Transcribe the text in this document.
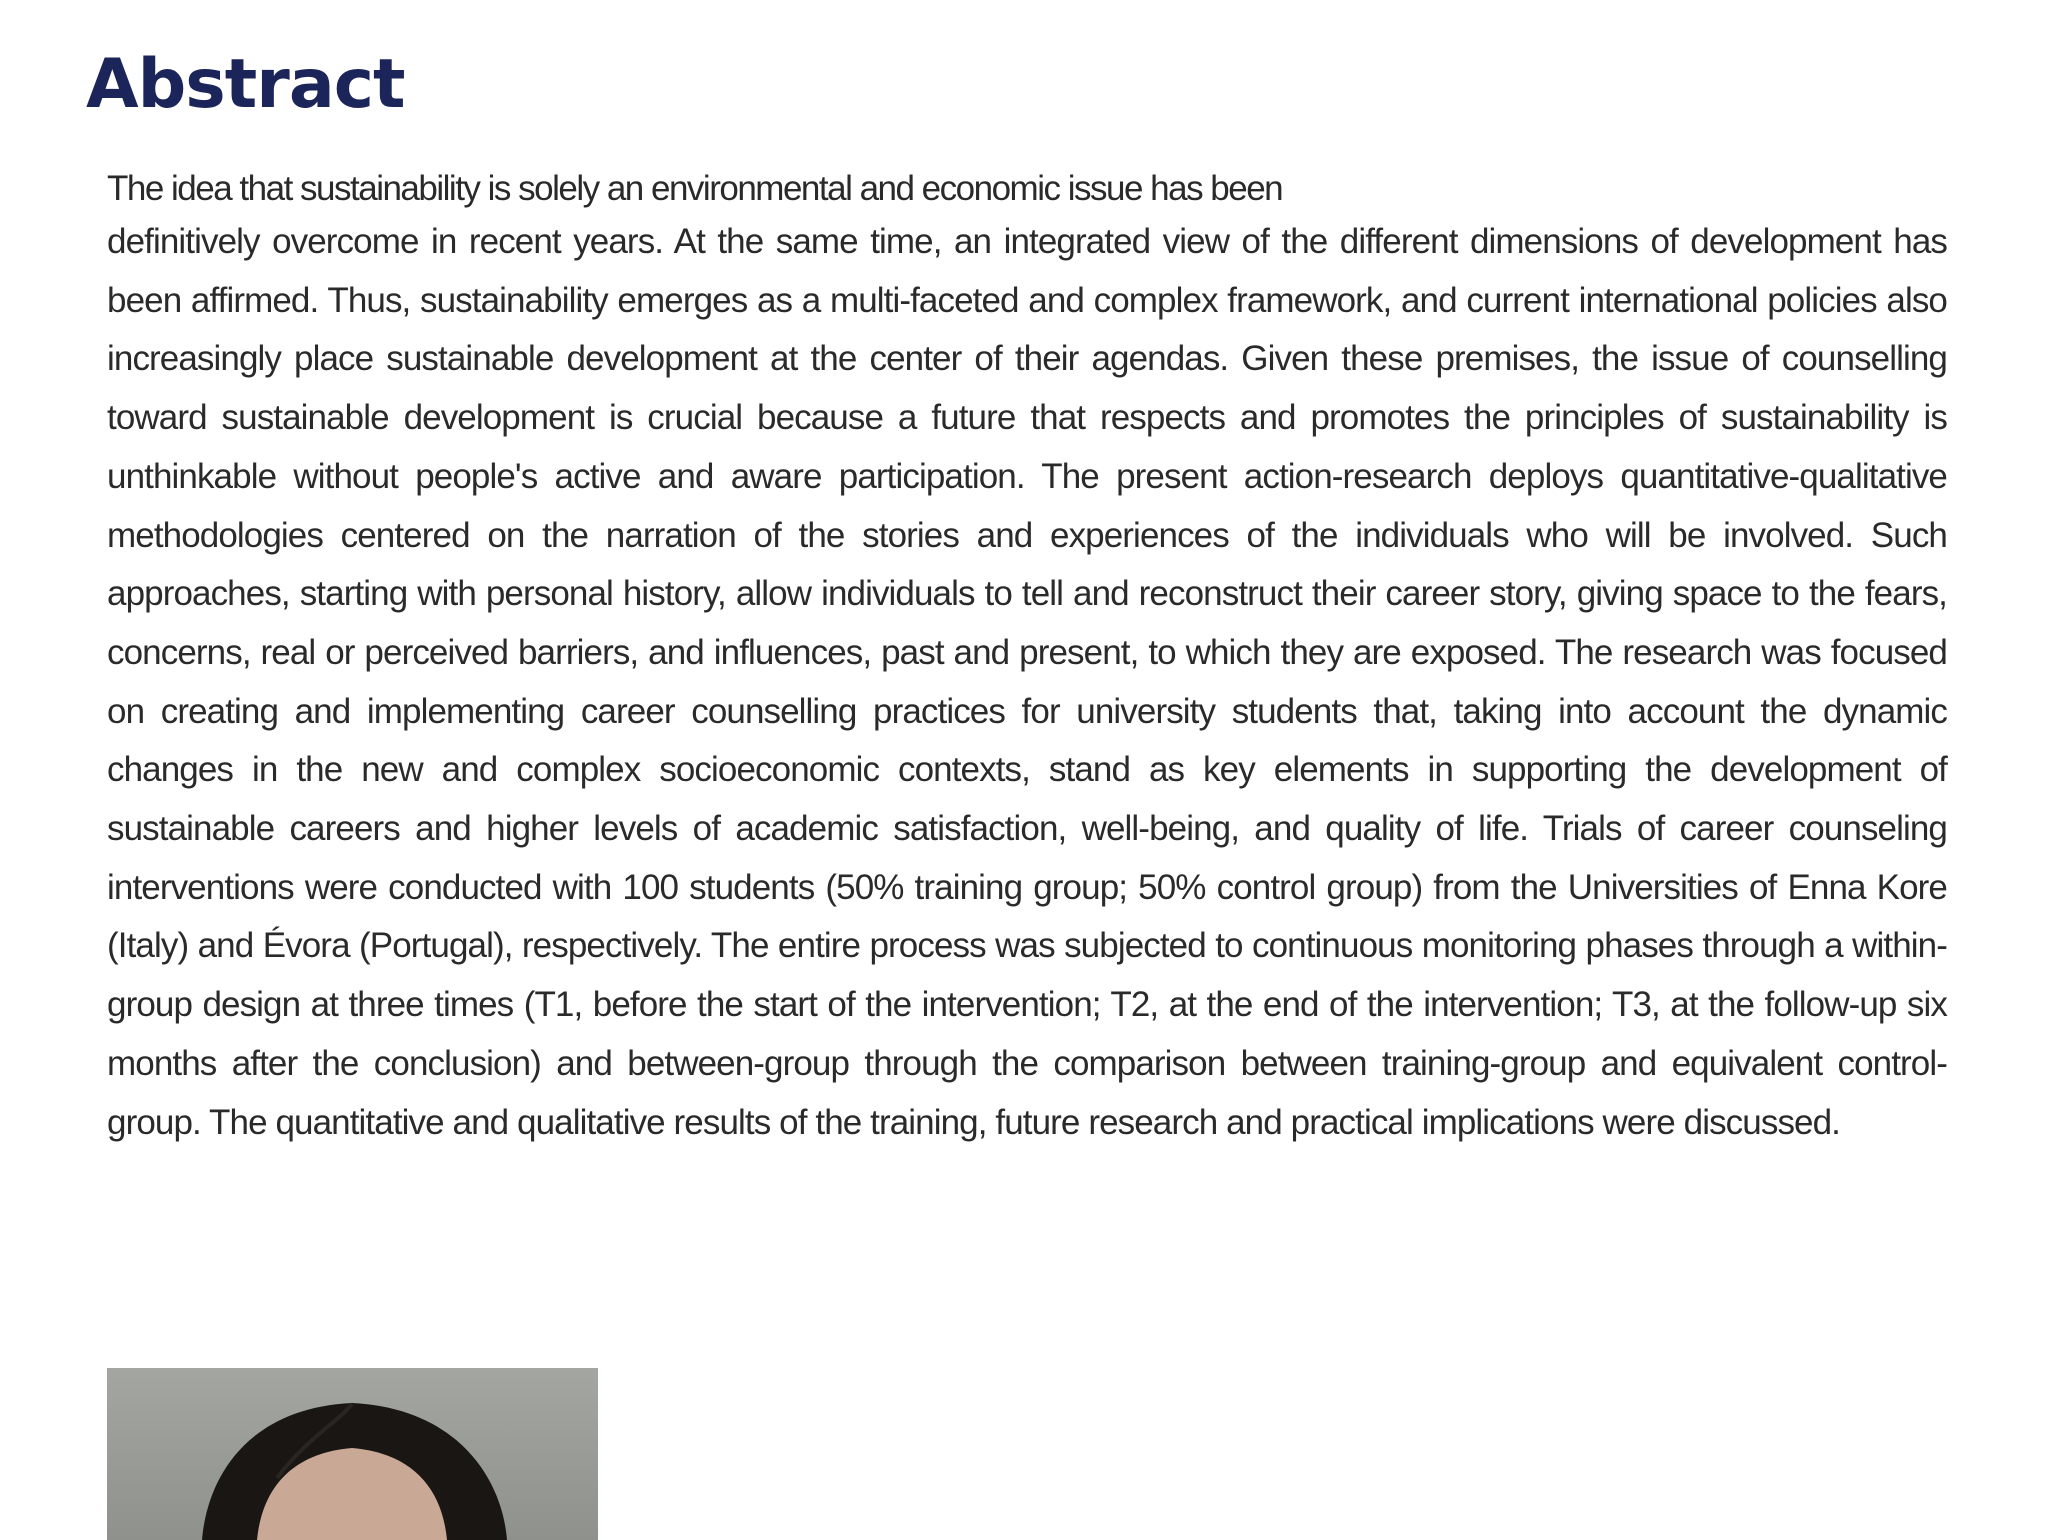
Abstract
The idea that sustainability is solely an environmental and economic issue has been

definitively overcome in recent years. At the same time, an integrated view of the different dimensions of development has been affirmed. Thus, sustainability emerges as a multi-faceted and complex framework, and current international policies also increasingly place sustainable development at the center of their agendas. Given these premises, the issue of counselling toward sustainable development is crucial because a future that respects and promotes the principles of sustainability is unthinkable without people's active and aware participation. The present action-research deploys quantitative-qualitative methodologies centered on the narration of the stories and experiences of the individuals who will be involved. Such approaches, starting with personal history, allow individuals to tell and reconstruct their career story, giving space to the fears, concerns, real or perceived barriers, and influences, past and present, to which they are exposed. The research was focused on creating and implementing career counselling practices for university students that, taking into account the dynamic changes in the new and complex socioeconomic contexts, stand as key elements in supporting the development of sustainable careers and higher levels of academic satisfaction, well-being, and quality of life. Trials of career counseling interventions were conducted with 100 students (50% training group; 50% control group) from the Universities of Enna Kore (Italy) and Évora (Portugal), respectively. The entire process was subjected to continuous monitoring phases through a within-group design at three times (T1, before the start of the intervention; T2, at the end of the intervention; T3, at the follow-up six months after the conclusion) and between-group through the comparison between training-group and equivalent control-group. The quantitative and qualitative results of the training, future research and practical implications were discussed.
